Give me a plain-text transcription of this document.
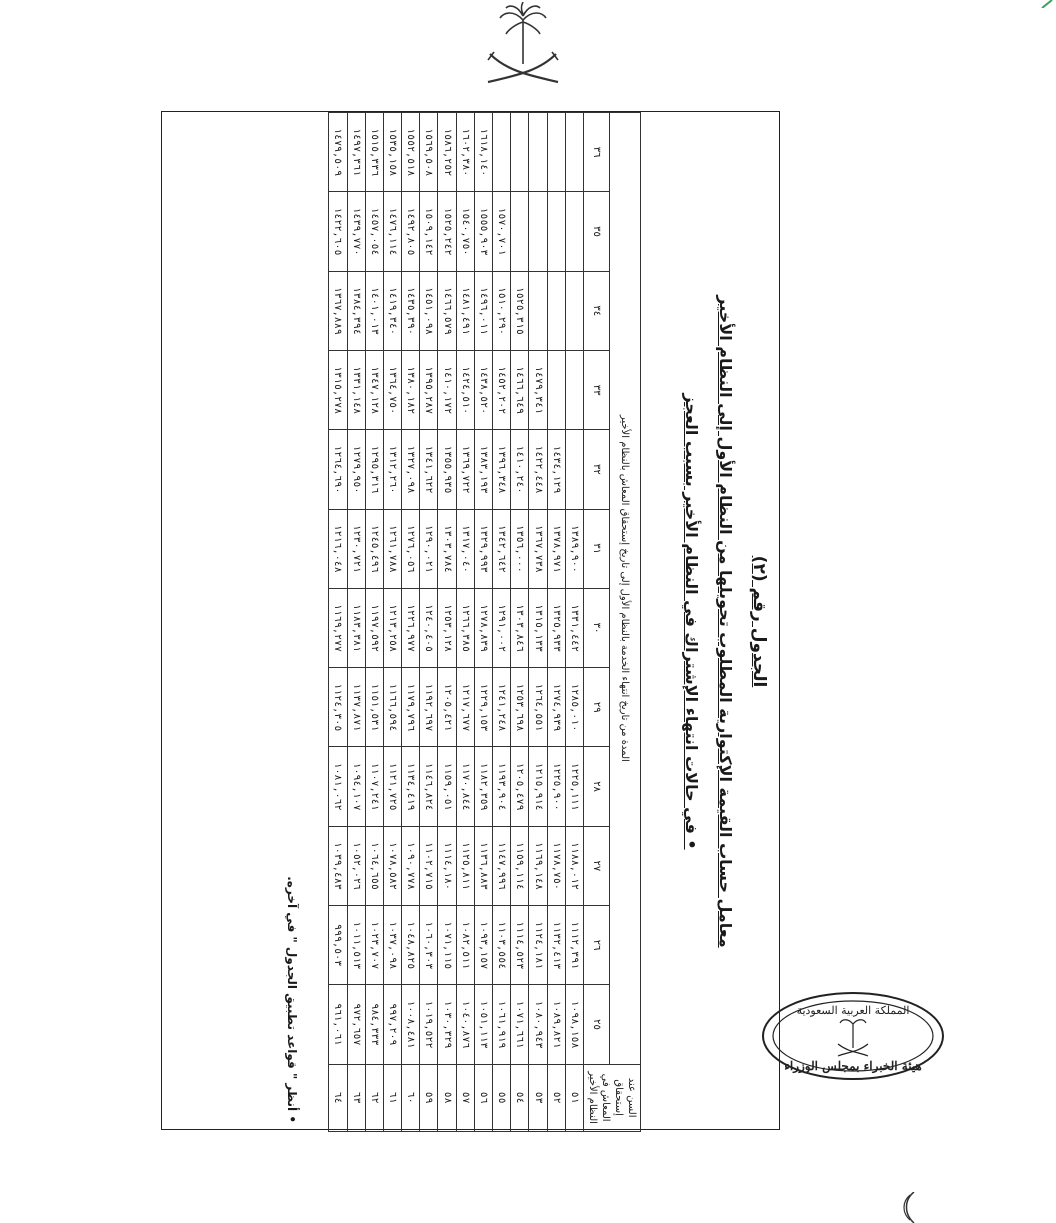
الجدول رقم (٢)
معامل حساب القيمة الإكتوارية المطلوب تحويلها من النظام الأول إلى النظام الأخير
• في حالات انتهاء الإشتراك في النظام الأخير بسبب العجز
السن عند إستحقاق المعاش في النظام الأخير	المدة من تاريخ انتهاء الخدمة بالنظام الأول إلى تاريخ إستحقاق المعاش بالنظام الأخير											
	٢٥	٢٦	٢٧	٢٨	٢٩	٣٠	٣١	٣٢	٣٣	٣٤	٣٥	٣٦
٥١	١٠٩٨,١٥٨	١١١٢,٣٩١	١١٨٨,٠١٢	١٢٢٥,١١١	١٢٨٥,٠١٠	١٣٣١,٤٤٢	١٣٨٩,٩٠٠					
٥٢	١٠٨٩,٨٢١	١١٣٢,٤١٣	١١٧٨,٧٥٠	١٢٢٥,٩٠٠	١٢٧٤,٩٣٩	١٣٢٥,٩٣٣	١٣٧٨,٩٧١	١٤٣٤,١٢٩				
٥٣	١٠٨٠,٩٤٣	١١٢٤,١٨١	١١٦٩,١٤٨	١٢١٥,٩١٤	١٢٦٤,٥٥١	١٣١٥,١٣٣	١٣٦٧,٧٣٨	١٤٢٢,٤٤٨	١٤٧٩,٣٤١			
٥٤	١٠٧١,٦٦١	١١١٤,٥٢٣	١١٥٩,١١٤	١٢٠٥,٤٧٩	١٢٥٣,٦٩٨	١٣٠٣,٨٤٦	١٣٥٦,٠٠٠	١٤١٠,٢٤٠	١٤٦٦,٦٤٩	١٥٢٥,٣١٥		
٥٥	١٠٦١,٩١٩	١١٠٣,٥٥٤	١١٤٧,٩٩٦	١١٩٣,٩٠٤	١٢٤١,٢٤٨	١٢٩١,٠٠٢	١٣٤٢,٦٤٢	١٣٩٦,٣٤٨	١٤٥٢,٢٠٢	١٥١٠,٢٩٠	١٥٧٠,٧٠١	
٥٦	١٠٥١,١١٣	١٠٩٣,١٥٧	١١٣٦,٨٨٣	١١٨٢,٣٥٩	١٢٢٩,١٥٣	١٢٧٨,٨٣٩	١٣٢٩,٩٩٣	١٣٨٣,١٩٣	١٤٣٨,٥٢٠	١٤٩٦,٠١١	١٥٥٥,٩٠٣	١٦١٨,١٤٠
٥٧	١٠٤٠,٨٧٦	١٠٨٢,٥١١	١١٢٥,٨١١	١١٧٠,٨٤٤	١٢١٧,٦٧٧	١٢٦٦,٣٨٥	١٣١٧,٠٤٠	١٣٦٩,٧٢٢	١٤٢٤,٥١٠	١٤٨١,٤٩١	١٥٤٠,٧٥٠	١٦٠٢,٣٨٠
٥٨	١٠٣٠,٣٢٩	١٠٧١,١١٥	١١١٤,١٨٠	١١٥٩,٠٥١	١٢٠٥,٤٢١	١٢٥٣,١٢٨	١٣٠٣,٧٨٤	١٣٥٥,٩٣٥	١٤١٠,١٧٢	١٤٦٦,٥٧٩	١٥٢٥,٢٤٢	١٥٨٦,٢٥٢
٥٩	١٠١٩,٥٢٢	١٠٦٠,٣٠٣	١١٠٢,٧١٥	١١٤٦,٨٢٤	١١٩٢,٦٩٧	١٢٤٠,٤٠٥	١٢٩٠,٠٢١	١٣٤١,٦٢٢	١٣٩٥,٢٨٧	١٤٥١,٠٩٨	١٥٠٩,١٤٢	١٥٦٩,٥٠٨
٦٠	١٠٠٨,٤٨١	١٠٤٨,٨٢٥	١٠٩٠,٧٧٨	١١٣٤,٤١٩	١١٧٩,٧٩٦	١٢٢٦,٩٧٧	١٢٧٦,٠٥٦	١٣٢٧,٠٩٨	١٣٨٠,١٨٢	١٤٣٥,٣٩٠	١٤٩٢,٨٠٥	١٥٥٢,٥١٨
٦١	٩٩٧,٢٠٩	١٠٣٧,٠٩٨	١٠٧٨,٥٨٢	١١٢١,٧٢٥	١١٦٦,٥٩٤	١٢١٣,٢٥٨	١٢٦١,٧٨٨	١٣١٢,٢٦٠	١٣٦٤,٧٥٠	١٤١٩,٣٤٠	١٤٧٦,١١٤	١٥٣٥,١٥٨
٦٢	٩٨٤,٣٣٣	١٠٢٣,٧٠٧	١٠٦٤,٦٥٥	١١٠٧,٢٤١	١١٥١,٥٣١	١١٩٧,٥٩٢	١٢٤٥,٤٩٦	١٢٩٥,٣١٦	١٣٤٧,١٢٨	١٤٠١,٠١٣	١٤٥٧,٠٥٤	١٥١٥,٣٣٦
٦٣	٩٧٢,٦٥٧	١٠١١,٥١٣	١٠٥٢,٠٢٦	١٠٩٤,١٠٧	١١٣٧,٨٧١	١١٨٣,٣٨١	١٢٣٠,٧٢١	١٢٧٩,٩٥٠	١٣٣١,١٤٨	١٣٨٤,٣٩٤	١٤٣٩,٧٧٠	١٤٩٧,٣٦١
٦٤	٩٦١,٠٦١	٩٩٩,٥٠٣	١٠٣٩,٤٨٣	١٠٨١,٠٦٢	١١٢٤,٣٠٥	١١٦٩,٢٧٧	١٢١٦,٠٤٨	١٢٦٤,٦٩٠	١٣١٥,٢٧٨	١٣٦٧,٨٨٩	١٤٢٢,٦٠٥	١٤٧٩,٥٠٩
• أنظر " قواعد تطبيق الجدول " في آخره.	المملكة العربية السعودية
هيئة الخبراء بمجلس الوزراء
